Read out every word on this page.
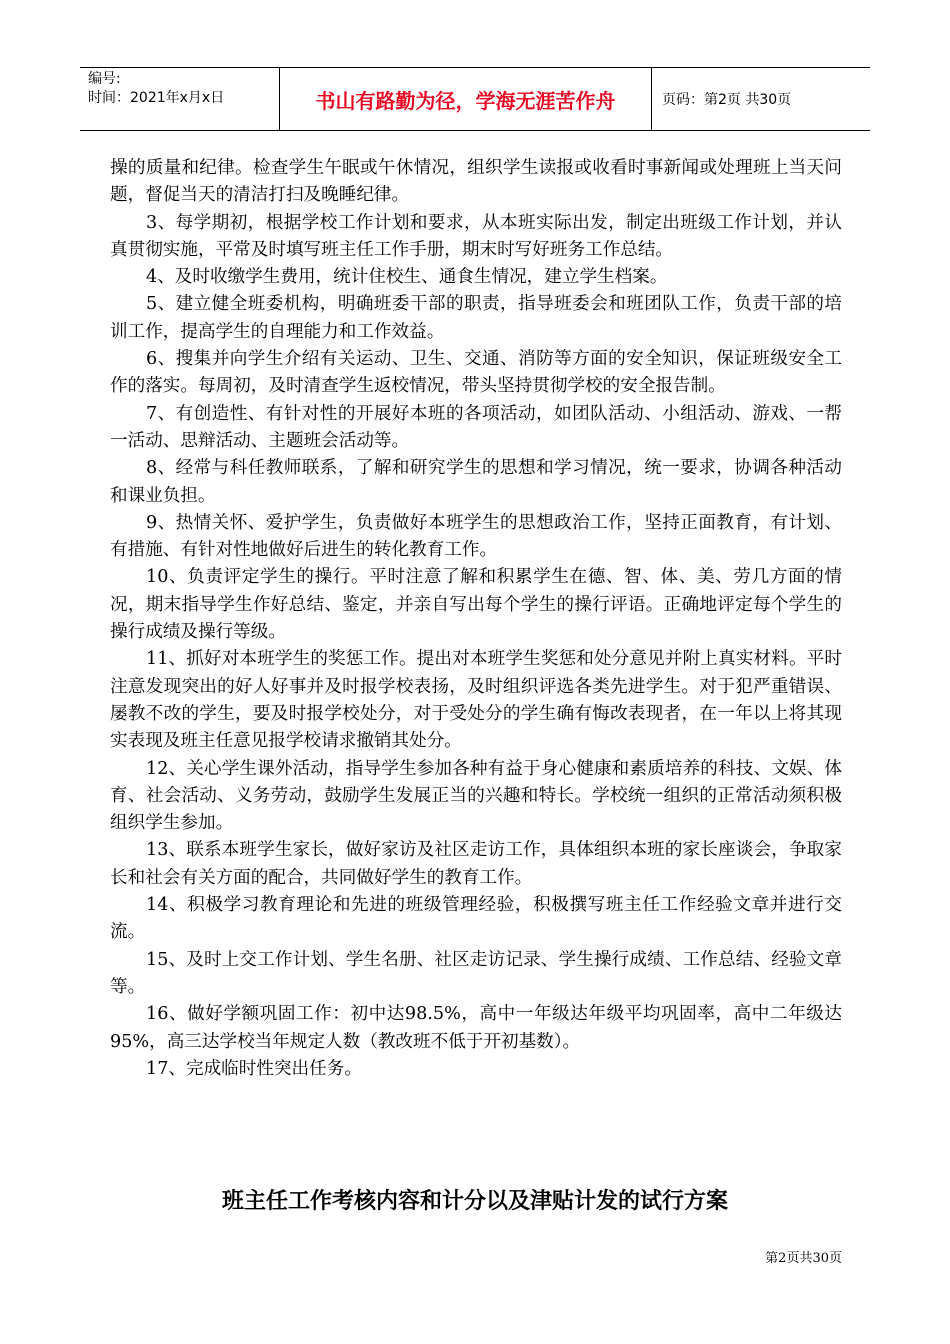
编号:
时间：2021年x月x日	书山有路勤为径，学海无涯苦作舟	页码：第2页 共30页

操的质量和纪律。检查学生午眠或午休情况，组织学生读报或收看时事新闻或处理班上当天问题，督促当天的清洁打扫及晚睡纪律。

3、每学期初，根据学校工作计划和要求，从本班实际出发，制定出班级工作计划，并认真贯彻实施，平常及时填写班主任工作手册，期末时写好班务工作总结。

4、及时收缴学生费用，统计住校生、通食生情况，建立学生档案。

5、建立健全班委机构，明确班委干部的职责，指导班委会和班团队工作，负责干部的培训工作，提高学生的自理能力和工作效益。

6、搜集并向学生介绍有关运动、卫生、交通、消防等方面的安全知识，保证班级安全工作的落实。每周初，及时清查学生返校情况，带头坚持贯彻学校的安全报告制。

7、有创造性、有针对性的开展好本班的各项活动，如团队活动、小组活动、游戏、一帮一活动、思辩活动、主题班会活动等。

8、经常与科任教师联系，了解和研究学生的思想和学习情况，统一要求，协调各种活动和课业负担。

9、热情关怀、爱护学生，负责做好本班学生的思想政治工作，坚持正面教育，有计划、有措施、有针对性地做好后进生的转化教育工作。

10、负责评定学生的操行。平时注意了解和积累学生在德、智、体、美、劳几方面的情况，期末指导学生作好总结、鉴定，并亲自写出每个学生的操行评语。正确地评定每个学生的操行成绩及操行等级。

11、抓好对本班学生的奖惩工作。提出对本班学生奖惩和处分意见并附上真实材料。平时注意发现突出的好人好事并及时报学校表扬，及时组织评选各类先进学生。对于犯严重错误、屡教不改的学生，要及时报学校处分，对于受处分的学生确有悔改表现者，在一年以上将其现实表现及班主任意见报学校请求撤销其处分。

12、关心学生课外活动，指导学生参加各种有益于身心健康和素质培养的科技、文娱、体育、社会活动、义务劳动，鼓励学生发展正当的兴趣和特长。学校统一组织的正常活动须积极组织学生参加。

13、联系本班学生家长，做好家访及社区走访工作，具体组织本班的家长座谈会，争取家长和社会有关方面的配合，共同做好学生的教育工作。

14、积极学习教育理论和先进的班级管理经验，积极撰写班主任工作经验文章并进行交流。

15、及时上交工作计划、学生名册、社区走访记录、学生操行成绩、工作总结、经验文章等。

16、做好学额巩固工作：初中达98.5%，高中一年级达年级平均巩固率，高中二年级达95%，高三达学校当年规定人数（教改班不低于开初基数）。

17、完成临时性突出任务。

班主任工作考核内容和计分以及津贴计发的试行方案
第2页共30页
